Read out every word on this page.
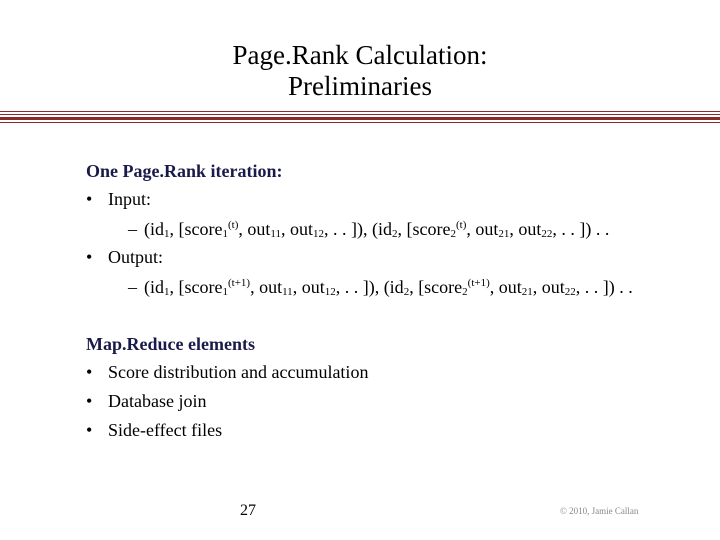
Page.Rank Calculation:
Preliminaries
One Page.Rank iteration:
• Input:
– ($id_1$, [score$_1^{(t)}$, out$_{11}$, out$_{12}$, . . ]), ($id_2$, [score$_2^{(t)}$, out$_{21}$, out$_{22}$, . . ]) . .
• Output:
– ($id_1$, [score$_1^{(t+1)}$, out$_{11}$, out$_{12}$, . . ]), ($id_2$, [score$_2^{(t+1)}$, out$_{21}$, out$_{22}$, . . ]) . .
Map.Reduce elements
• Score distribution and accumulation
• Database join
• Side-effect files
27	© 2010, Jamie Callan
